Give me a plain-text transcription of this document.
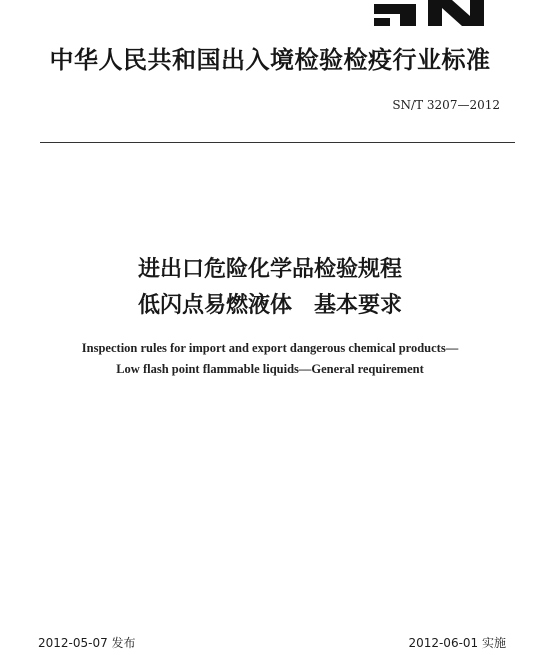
中华人民共和国出入境检验检疫行业标准
SN/T 3207—2012
进出口危险化学品检验规程
低闪点易燃液体　基本要求
Inspection rules for import and export dangerous chemical products—
Low flash point flammable liquids—General requirement
2012-05-07 发布	2012-06-01 实施
